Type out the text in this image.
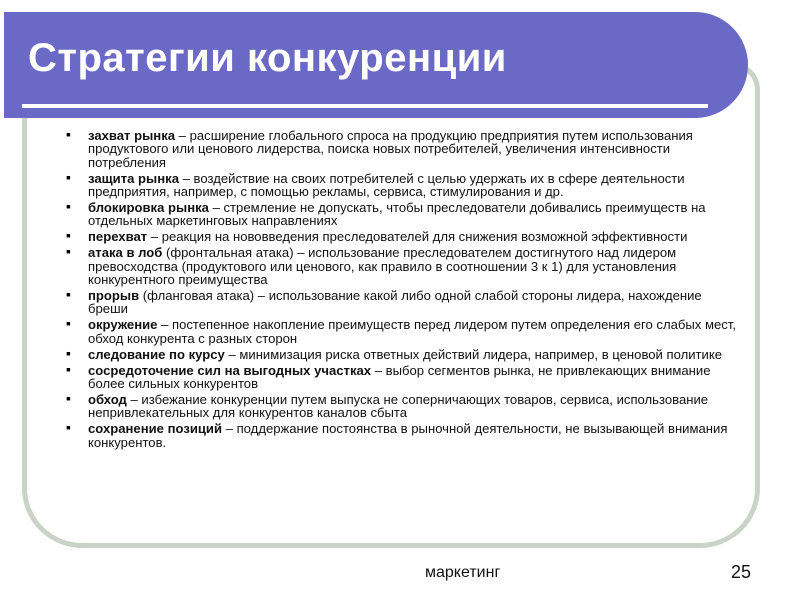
Стратегии конкуренции
▪ захват рынка – расширение глобального спроса на продукцию предприятия путем использования продуктового или ценового лидерства, поиска новых потребителей, увеличения интенсивности потребления
▪ защита рынка – воздействие на своих потребителей с целью удержать их в сфере деятельности предприятия, например, с помощью рекламы, сервиса, стимулирования и др.
▪ блокировка рынка – стремление не допускать, чтобы преследователи добивались преимуществ на отдельных маркетинговых направлениях
▪ перехват – реакция на нововведения преследователей для снижения возможной эффективности
▪ атака в лоб (фронтальная атака) – использование преследователем достигнутого над лидером превосходства (продуктового или ценового, как правило в соотношении 3 к 1) для установления конкурентного преимущества
▪ прорыв (фланговая атака) – использование какой либо одной слабой стороны лидера, нахождение бреши
▪ окружение – постепенное накопление преимуществ перед лидером путем определения его слабых мест, обход конкурента с разных сторон
▪ следование по курсу – минимизация риска ответных действий лидера, например, в ценовой политике
▪ сосредоточение сил на выгодных участках – выбор сегментов рынка, не привлекающих внимание более сильных конкурентов
▪ обход – избежание конкуренции путем выпуска не соперничающих товаров, сервиса, использование непривлекательных для конкурентов каналов сбыта
▪ сохранение позиций – поддержание постоянства в рыночной деятельности, не вызывающей внимания конкурентов.
маркетинг	25
